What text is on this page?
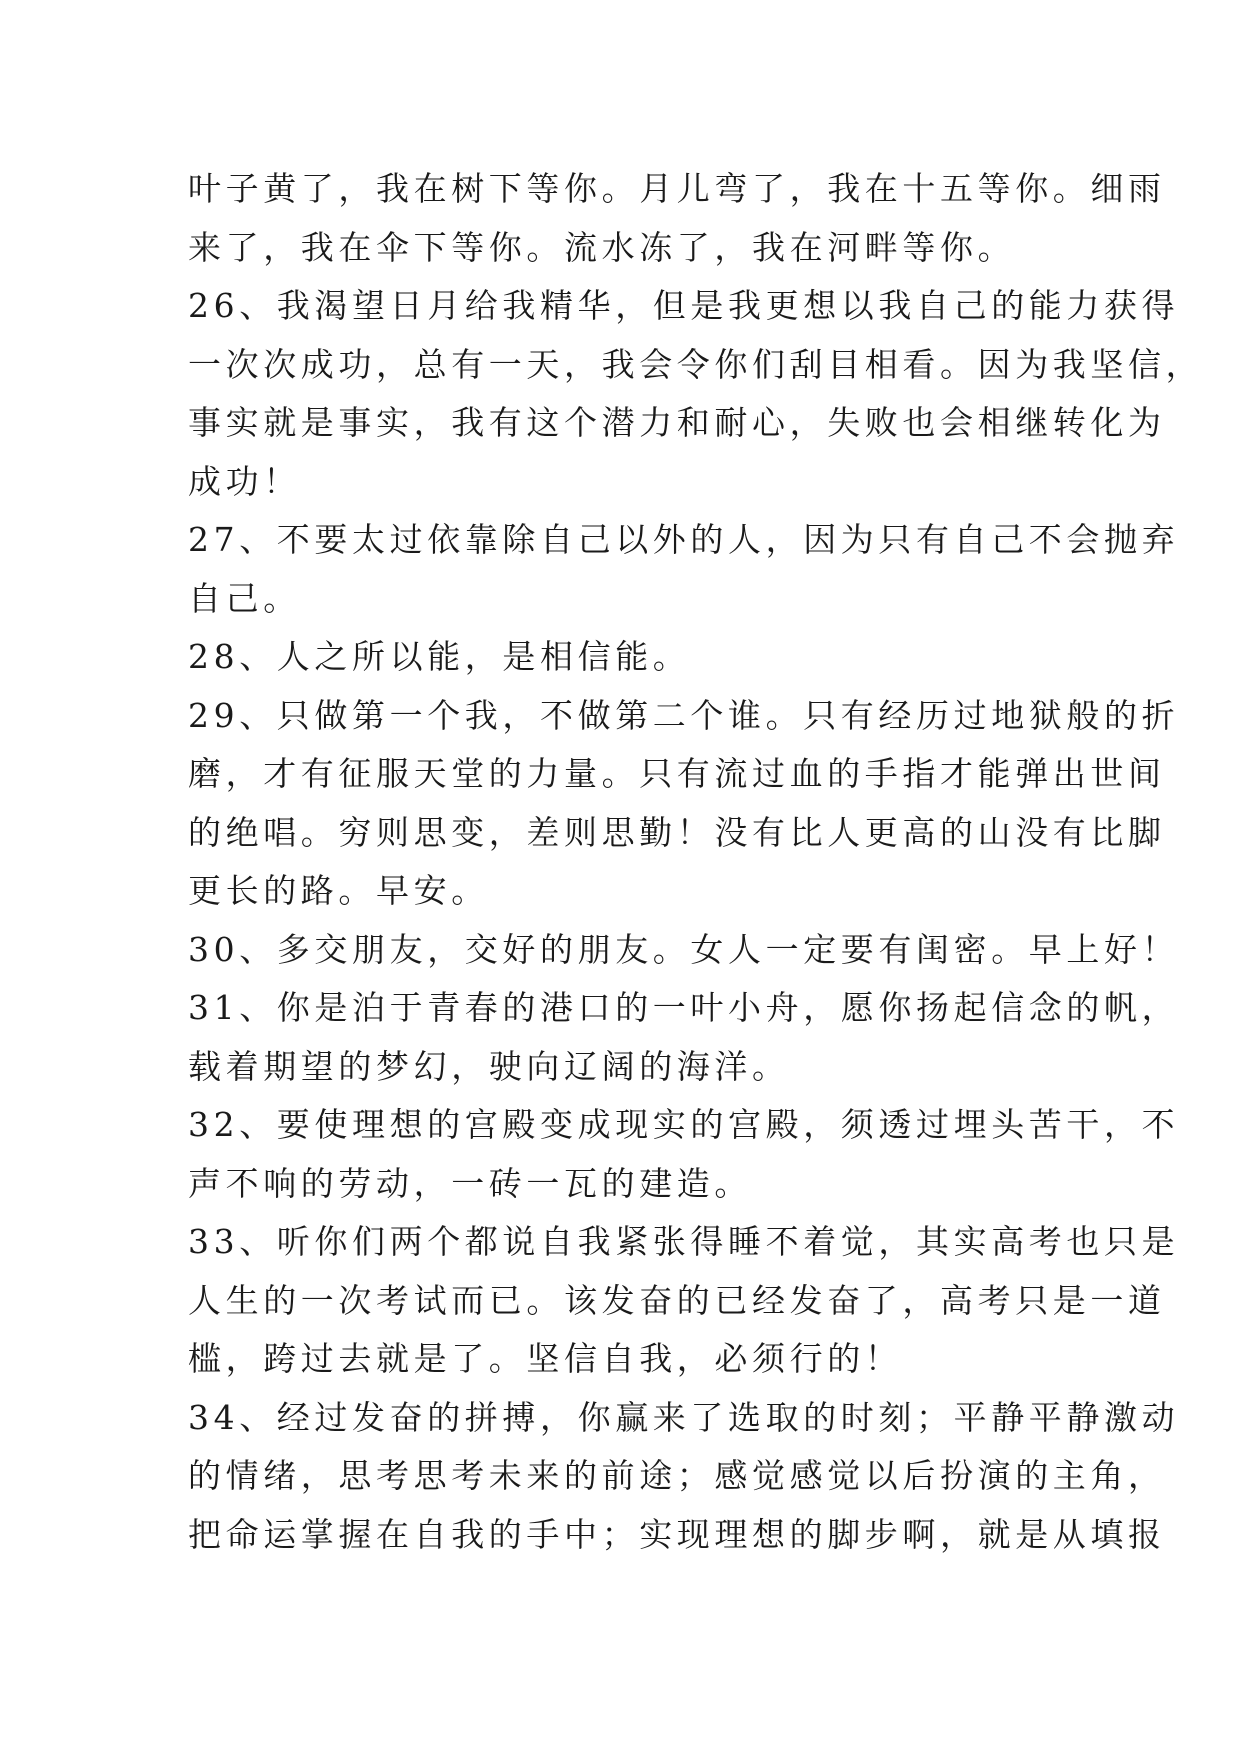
叶子黄了，我在树下等你。月儿弯了，我在十五等你。细雨
来了，我在伞下等你。流水冻了，我在河畔等你。
26、我渴望日月给我精华，但是我更想以我自己的能力获得
一次次成功，总有一天，我会令你们刮目相看。因为我坚信，
事实就是事实，我有这个潜力和耐心，失败也会相继转化为
成功！
27、不要太过依靠除自己以外的人，因为只有自己不会抛弃
自己。
28、人之所以能，是相信能。
29、只做第一个我，不做第二个谁。只有经历过地狱般的折
磨，才有征服天堂的力量。只有流过血的手指才能弹出世间
的绝唱。穷则思变，差则思勤！没有比人更高的山没有比脚
更长的路。早安。
30、多交朋友，交好的朋友。女人一定要有闺密。早上好！
31、你是泊于青春的港口的一叶小舟，愿你扬起信念的帆，
载着期望的梦幻，驶向辽阔的海洋。
32、要使理想的宫殿变成现实的宫殿，须透过埋头苦干，不
声不响的劳动，一砖一瓦的建造。
33、听你们两个都说自我紧张得睡不着觉，其实高考也只是
人生的一次考试而已。该发奋的已经发奋了，高考只是一道
槛，跨过去就是了。坚信自我，必须行的！
34、经过发奋的拼搏，你赢来了选取的时刻；平静平静激动
的情绪，思考思考未来的前途；感觉感觉以后扮演的主角，
把命运掌握在自我的手中；实现理想的脚步啊，就是从填报
